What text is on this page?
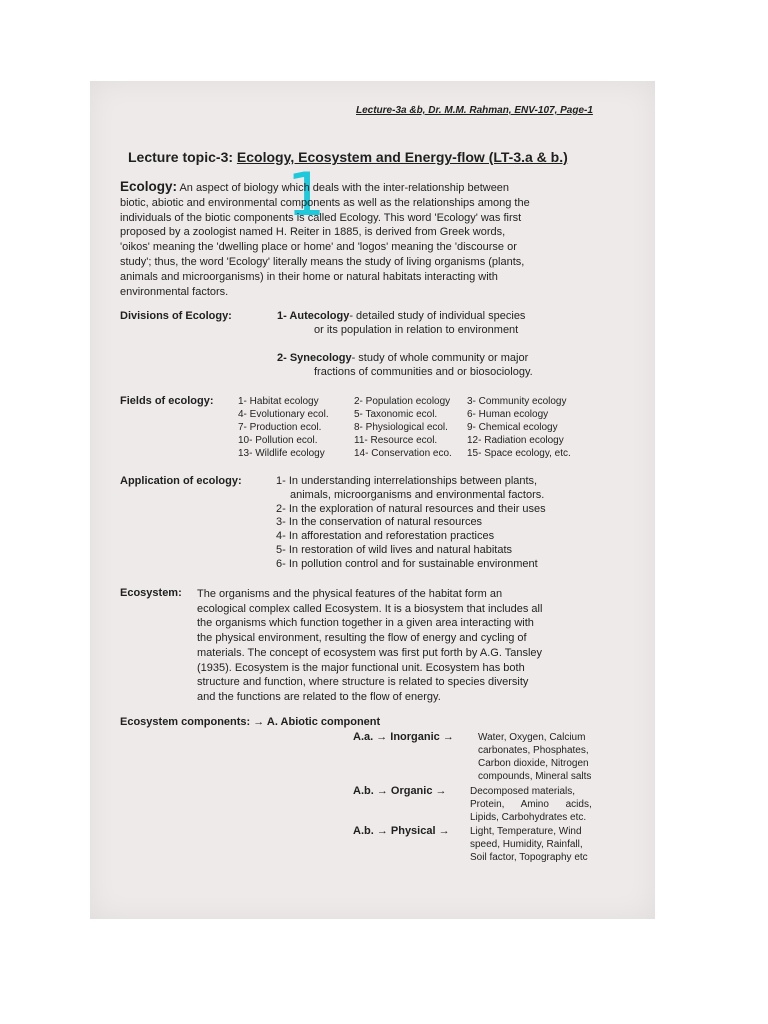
1
Lecture-3a &b, Dr. M.M. Rahman, ENV-107, Page-1
Lecture topic-3: Ecology, Ecosystem and Energy-flow (LT-3.a & b.)
Ecology: An aspect of biology which deals with the inter-relationship between
biotic, abiotic and environmental components as well as the relationships among the
individuals of the biotic components is called Ecology. This word 'Ecology' was first
proposed by a zoologist named H. Reiter in 1885, is derived from Greek words,
'oikos' meaning the 'dwelling place or home' and 'logos' meaning the 'discourse or
study'; thus, the word 'Ecology' literally means the study of living organisms (plants,
animals and microorganisms) in their home or natural habitats interacting with
environmental factors.
Divisions of Ecology:	1- Autecology- detailed study of individual species
or its population in relation to environment
2- Synecology- study of whole community or major
fractions of communities and or biosociology.
Fields of ecology: 1- Habitat ecology
4- Evolutionary ecol.
7- Production ecol.
10- Pollution ecol.
13- Wildlife ecology
2- Population ecology
5- Taxonomic ecol.
8- Physiological ecol.
11- Resource ecol.
14- Conservation eco.
3- Community ecology
6- Human ecology
9- Chemical ecology
12- Radiation ecology
15- Space ecology, etc.
Application of ecology:	1- In understanding interrelationships between plants,
animals, microorganisms and environmental factors.
2- In the exploration of natural resources and their uses
3- In the conservation of natural resources
4- In afforestation and reforestation practices
5- In restoration of wild lives and natural habitats
6- In pollution control and for sustainable environment
Ecosystem: The organisms and the physical features of the habitat form an
ecological complex called Ecosystem. It is a biosystem that includes all
the organisms which function together in a given area interacting with
the physical environment, resulting the flow of energy and cycling of
materials. The concept of ecosystem was first put forth by A.G. Tansley
(1935). Ecosystem is the major functional unit. Ecosystem has both
structure and function, where structure is related to species diversity
and the functions are related to the flow of energy.
Ecosystem components: → A. Abiotic component
A.a. → Inorganic → Water, Oxygen, Calcium
carbonates, Phosphates,
Carbon dioxide, Nitrogen
compounds, Mineral salts
A.b. → Organic → Decomposed materials,
Protein,      Amino      acids,
Lipids, Carbohydrates etc.
A.b. → Physical → Light, Temperature, Wind
speed, Humidity, Rainfall,
Soil factor, Topography etc
